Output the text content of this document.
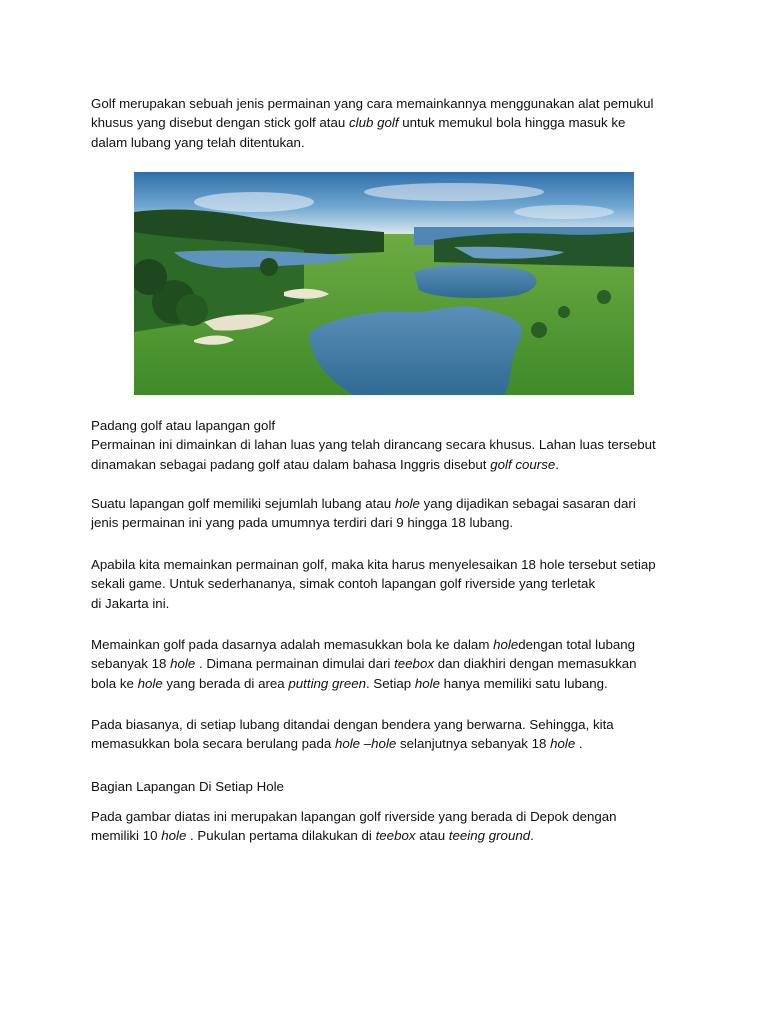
Golf merupakan sebuah jenis permainan yang cara memainkannya menggunakan alat pemukul
khusus yang disebut dengan stick golf atau club golf untuk memukul bola hingga masuk ke
dalam lubang yang telah ditentukan.

Padang golf atau lapangan golf
Permainan ini dimainkan di lahan luas yang telah dirancang secara khusus. Lahan luas tersebut
dinamakan sebagai padang golf atau dalam bahasa Inggris disebut golf course.

Suatu lapangan golf memiliki sejumlah lubang atau hole yang dijadikan sebagai sasaran dari
jenis permainan ini yang pada umumnya terdiri dari 9 hingga 18 lubang.

Apabila kita memainkan permainan golf, maka kita harus menyelesaikan 18 hole tersebut setiap
sekali game. Untuk sederhananya, simak contoh lapangan golf riverside yang terletak
di Jakarta ini.

Memainkan golf pada dasarnya adalah memasukkan bola ke dalam holedengan total lubang
sebanyak 18 hole . Dimana permainan dimulai dari teebox dan diakhiri dengan memasukkan
bola ke hole yang berada di area putting green. Setiap hole hanya memiliki satu lubang.

Pada biasanya, di setiap lubang ditandai dengan bendera yang berwarna. Sehingga, kita
memasukkan bola secara berulang pada hole –hole selanjutnya sebanyak 18 hole .

Bagian Lapangan Di Setiap Hole

Pada gambar diatas ini merupakan lapangan golf riverside yang berada di Depok dengan
memiliki 10 hole . Pukulan pertama dilakukan di teebox atau teeing ground.
